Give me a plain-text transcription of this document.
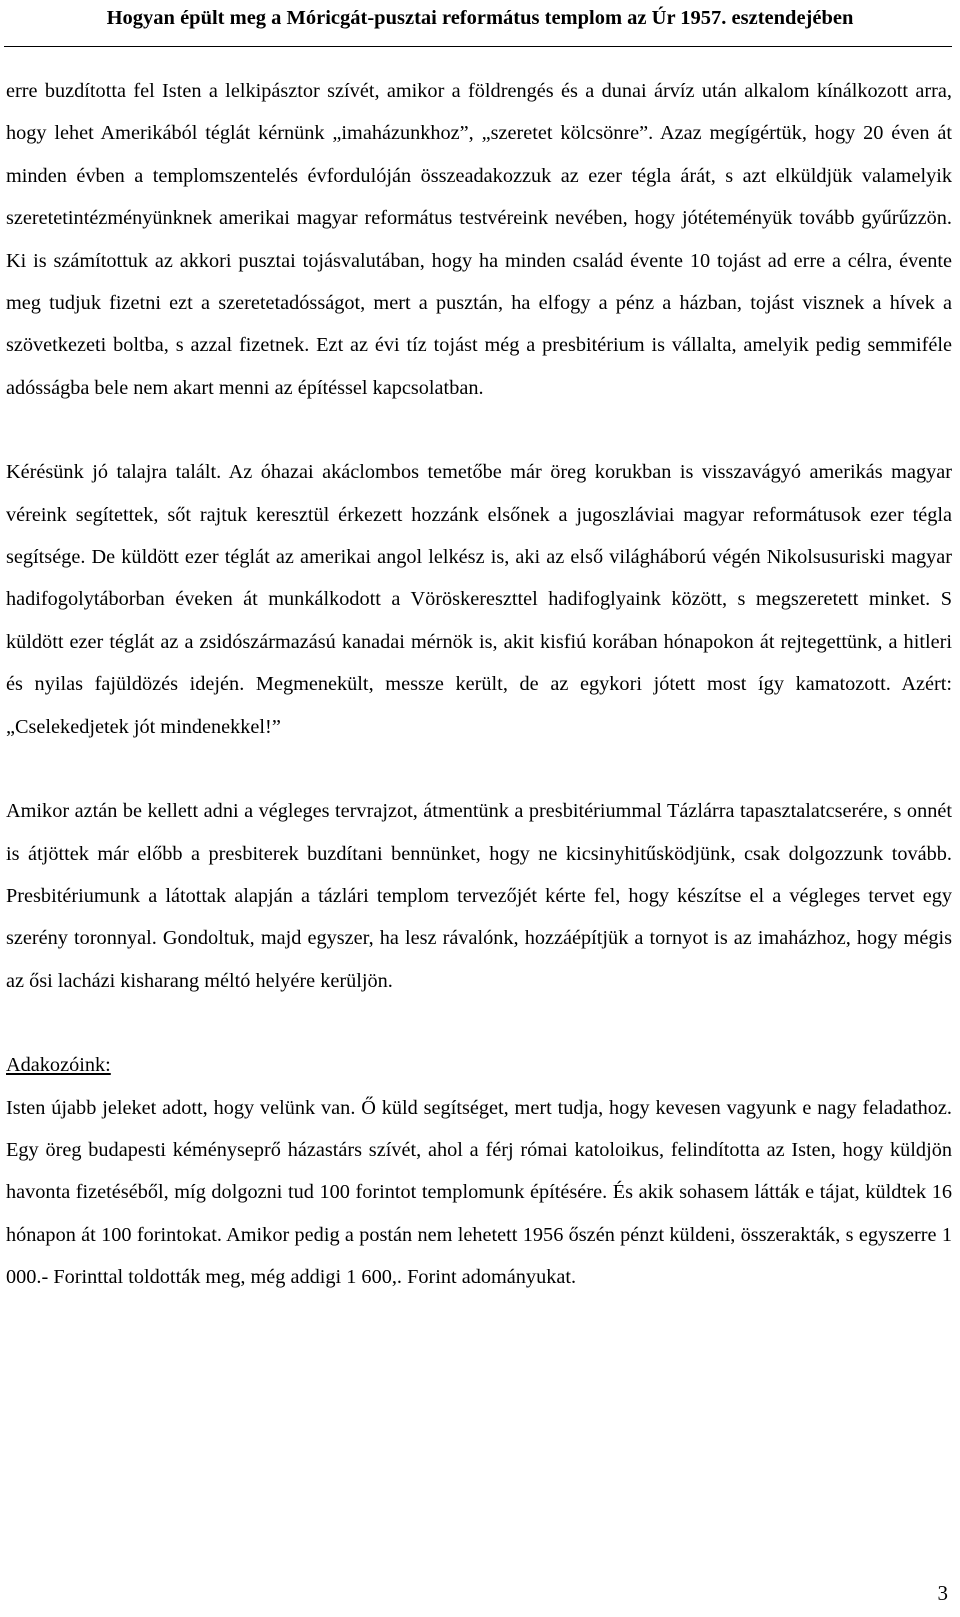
Hogyan épült meg a Móricgát-pusztai református templom az Úr 1957. esztendejében

erre buzdította fel Isten a lelkipásztor szívét, amikor a földrengés és a dunai árvíz után alkalom kínálkozott arra, hogy lehet Amerikából téglát kérnünk „imaházunkhoz”, „szeretet kölcsönre”. Azaz megígértük, hogy 20 éven át minden évben a templomszentelés évfordulóján összeadakozzuk az ezer tégla árát, s azt elküldjük valamelyik szeretetintézményünknek amerikai magyar református testvéreink nevében, hogy jótéteményük tovább gyűrűzzön. Ki is számítottuk az akkori pusztai tojásvalutában, hogy ha minden család évente 10 tojást ad erre a célra, évente meg tudjuk fizetni ezt a szeretetadósságot, mert a pusztán, ha elfogy a pénz a házban, tojást visznek a hívek a szövetkezeti boltba, s azzal fizetnek. Ezt az évi tíz tojást még a presbitérium is vállalta, amelyik pedig semmiféle adósságba bele nem akart menni az építéssel kapcsolatban.

Kérésünk jó talajra talált. Az óhazai akáclombos temetőbe már öreg korukban is visszavágyó amerikás magyar véreink segítettek, sőt rajtuk keresztül érkezett hozzánk elsőnek a jugoszláviai magyar reformátusok ezer tégla segítsége. De küldött ezer téglát az amerikai angol lelkész is, aki az első világháború végén Nikolsusuriski magyar hadifogolytáborban éveken át munkálkodott a Vöröskereszttel hadifoglyaink között, s megszeretett minket. S küldött ezer téglát az a zsidószármazású kanadai mérnök is, akit kisfiú korában hónapokon át rejtegettünk, a hitleri és nyilas fajüldözés idején. Megmenekült, messze került, de az egykori jótett most így kamatozott. Azért: „Cselekedjetek jót mindenekkel!”

Amikor aztán be kellett adni a végleges tervrajzot, átmentünk a presbitériummal Tázlárra tapasztalatcserére, s onnét is átjöttek már előbb a presbiterek buzdítani bennünket, hogy ne kicsinyhitűsködjünk, csak dolgozzunk tovább. Presbitériumunk a látottak alapján a tázlári templom tervezőjét kérte fel, hogy készítse el a végleges tervet egy szerény toronnyal. Gondoltuk, majd egyszer, ha lesz rávalónk, hozzáépítjük a tornyot is az imaházhoz, hogy mégis az ősi lacházi kisharang méltó helyére kerüljön.

Adakozóink:

Isten újabb jeleket adott, hogy velünk van. Ő küld segítséget, mert tudja, hogy kevesen vagyunk e nagy feladathoz. Egy öreg budapesti kéményseprő házastárs szívét, ahol a férj római katoloikus, felindította az Isten, hogy küldjön havonta fizetéséből, míg dolgozni tud 100 forintot templomunk építésére. És akik sohasem látták e tájat, küldtek 16 hónapon át 100 forintokat. Amikor pedig a postán nem lehetett 1956 őszén pénzt küldeni, összerakták, s egyszerre 1 000.- Forinttal toldották meg, még addigi 1 600,. Forint adományukat.

3
